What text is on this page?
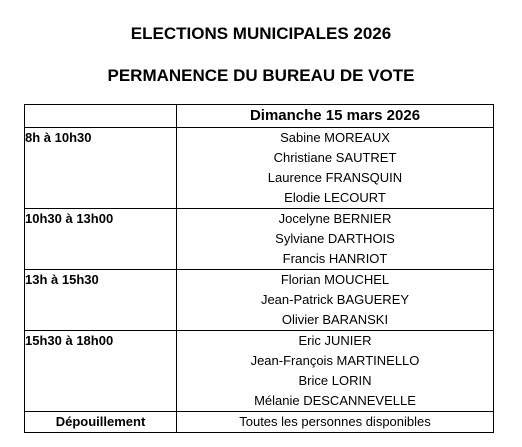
ELECTIONS MUNICIPALES 2026
PERMANENCE DU BUREAU DE VOTE
	Dimanche 15 mars 2026
8h à 10h30	Sabine MOREAUX
	Christiane SAUTRET
	Laurence FRANSQUIN
	Elodie LECOURT
10h30 à 13h00	Jocelyne BERNIER
	Sylviane DARTHOIS
	Francis HANRIOT
13h à 15h30	Florian MOUCHEL
	Jean-Patrick BAGUEREY
	Olivier BARANSKI
15h30 à 18h00	Eric JUNIER
	Jean-François MARTINELLO
	Brice LORIN
	Mélanie DESCANNEVELLE
Dépouillement	Toutes les personnes disponibles
